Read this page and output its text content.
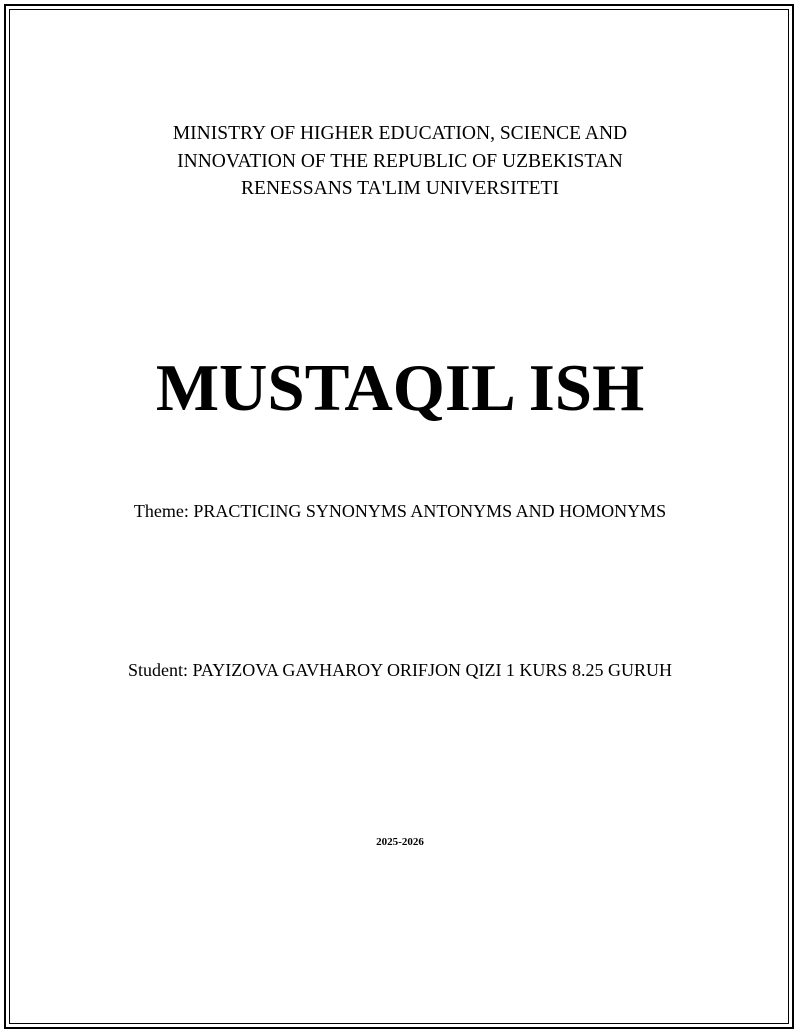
MINISTRY OF HIGHER EDUCATION, SCIENCE AND
INNOVATION OF THE REPUBLIC OF UZBEKISTAN
RENESSANS TA'LIM UNIVERSITETI
MUSTAQIL ISH
Theme: PRACTICING SYNONYMS ANTONYMS AND HOMONYMS
Student: PAYIZOVA GAVHAROY ORIFJON QIZI 1 KURS 8.25 GURUH
2025-2026
